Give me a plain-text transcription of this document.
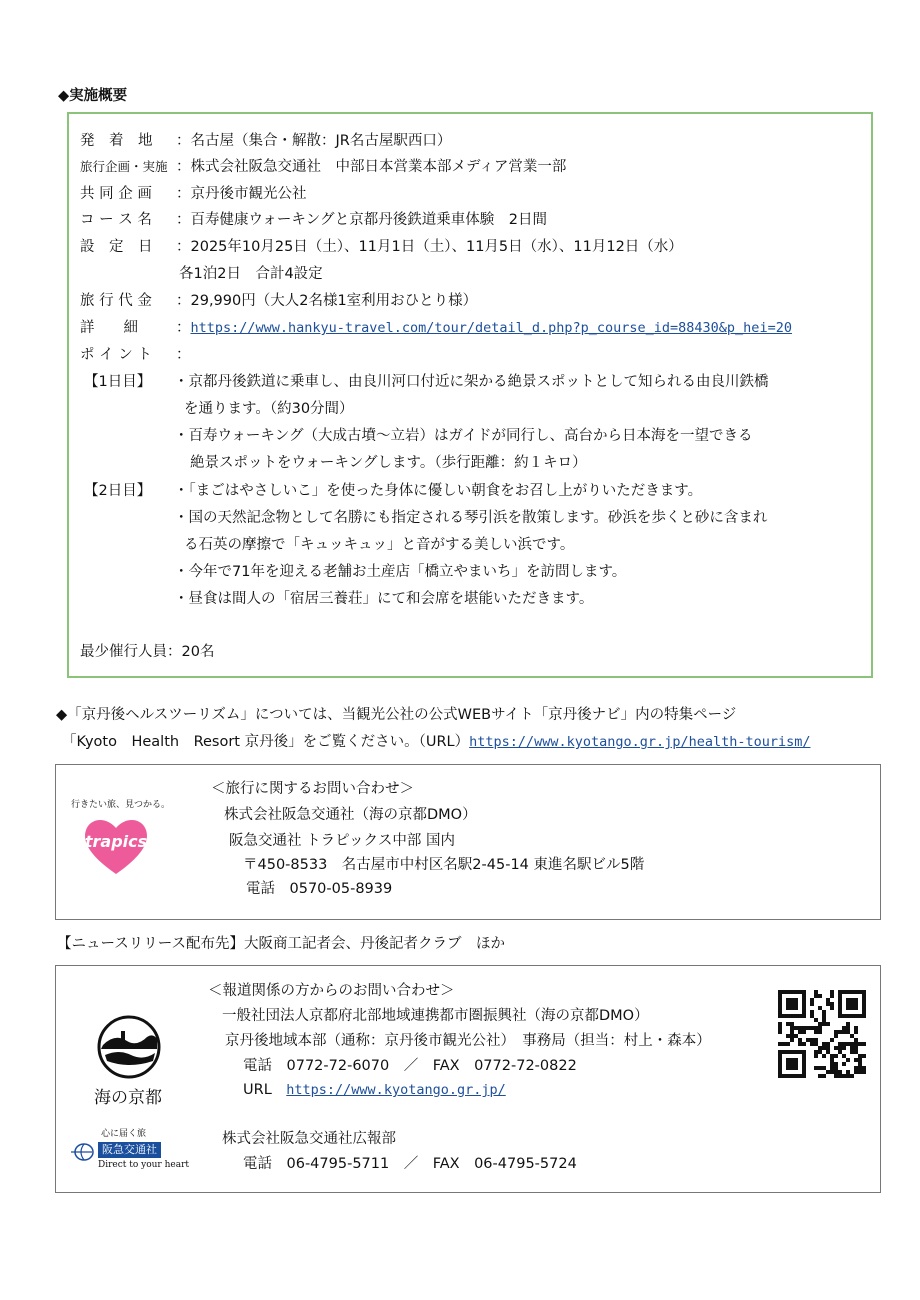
◆実施概要
発　着　地 ：名古屋（集合・解散：JR名古屋駅西口）
旅行企画・実施 ：株式会社阪急交通社　中部日本営業本部メディア営業一部
共 同 企 画 ：京丹後市観光公社
コ ー ス 名 ：百寿健康ウォーキングと京都丹後鉄道乗車体験　2日間
設　定　日 ：2025年10月25日（土）、11月1日（土）、11月5日（水）、11月12日（水）
各1泊2日　合計4設定
旅 行 代 金 ：29,990円（大人2名様1室利用おひとり様）
詳　　細	：https://www.hankyu-travel.com/tour/detail_d.php?p_course_id=88430&p_hei=20
ポ イ ン ト ：
【1日目】 ・京都丹後鉄道に乗車し、由良川河口付近に架かる絶景スポットとして知られる由良川鉄橋
を通ります。（約30分間）
・百寿ウォーキング（大成古墳～立岩）はガイドが同行し、高台から日本海を一望できる
絶景スポットをウォーキングします。（歩行距離：約１キロ）
【2日目】 ・「まごはやさしいこ」を使った身体に優しい朝食をお召し上がりいただきます。
・国の天然記念物として名勝にも指定される琴引浜を散策します。砂浜を歩くと砂に含まれ
る石英の摩擦で「キュッキュッ」と音がする美しい浜です。
・今年で71年を迎える老舗お土産店「橋立やまいち」を訪問します。
・昼食は間人の「宿居三養荘」にて和会席を堪能いただきます。
最少催行人員：20名
◆「京丹後ヘルスツーリズム」については、当観光公社の公式WEBサイト「京丹後ナビ」内の特集ページ
「Kyoto　Health　Resort 京丹後」をご覧ください。（URL）https://www.kyotango.gr.jp/health-tourism/
行きたい旅、見つかる。
trapics
＜旅行に関するお問い合わせ＞
株式会社阪急交通社（海の京都DMO）
阪急交通社 トラピックス中部 国内
〒450-8533　名古屋市中村区名駅2-45-14 東進名駅ビル5階
電話　0570-05-8939
【ニュースリリース配布先】大阪商工記者会、丹後記者クラブ　ほか
海の京都
心に届く旅
阪急交通社
Direct to your heart
＜報道関係の方からのお問い合わせ＞
一般社団法人京都府北部地域連携都市圏振興社（海の京都DMO）
京丹後地域本部（通称：京丹後市観光公社）　事務局（担当：村上・森本）
電話　0772-72-6070　／　FAX　0772-72-0822
URL　 https://www.kyotango.gr.jp/
株式会社阪急交通社広報部
電話　06-4795-5711　／　FAX　06-4795-5724
